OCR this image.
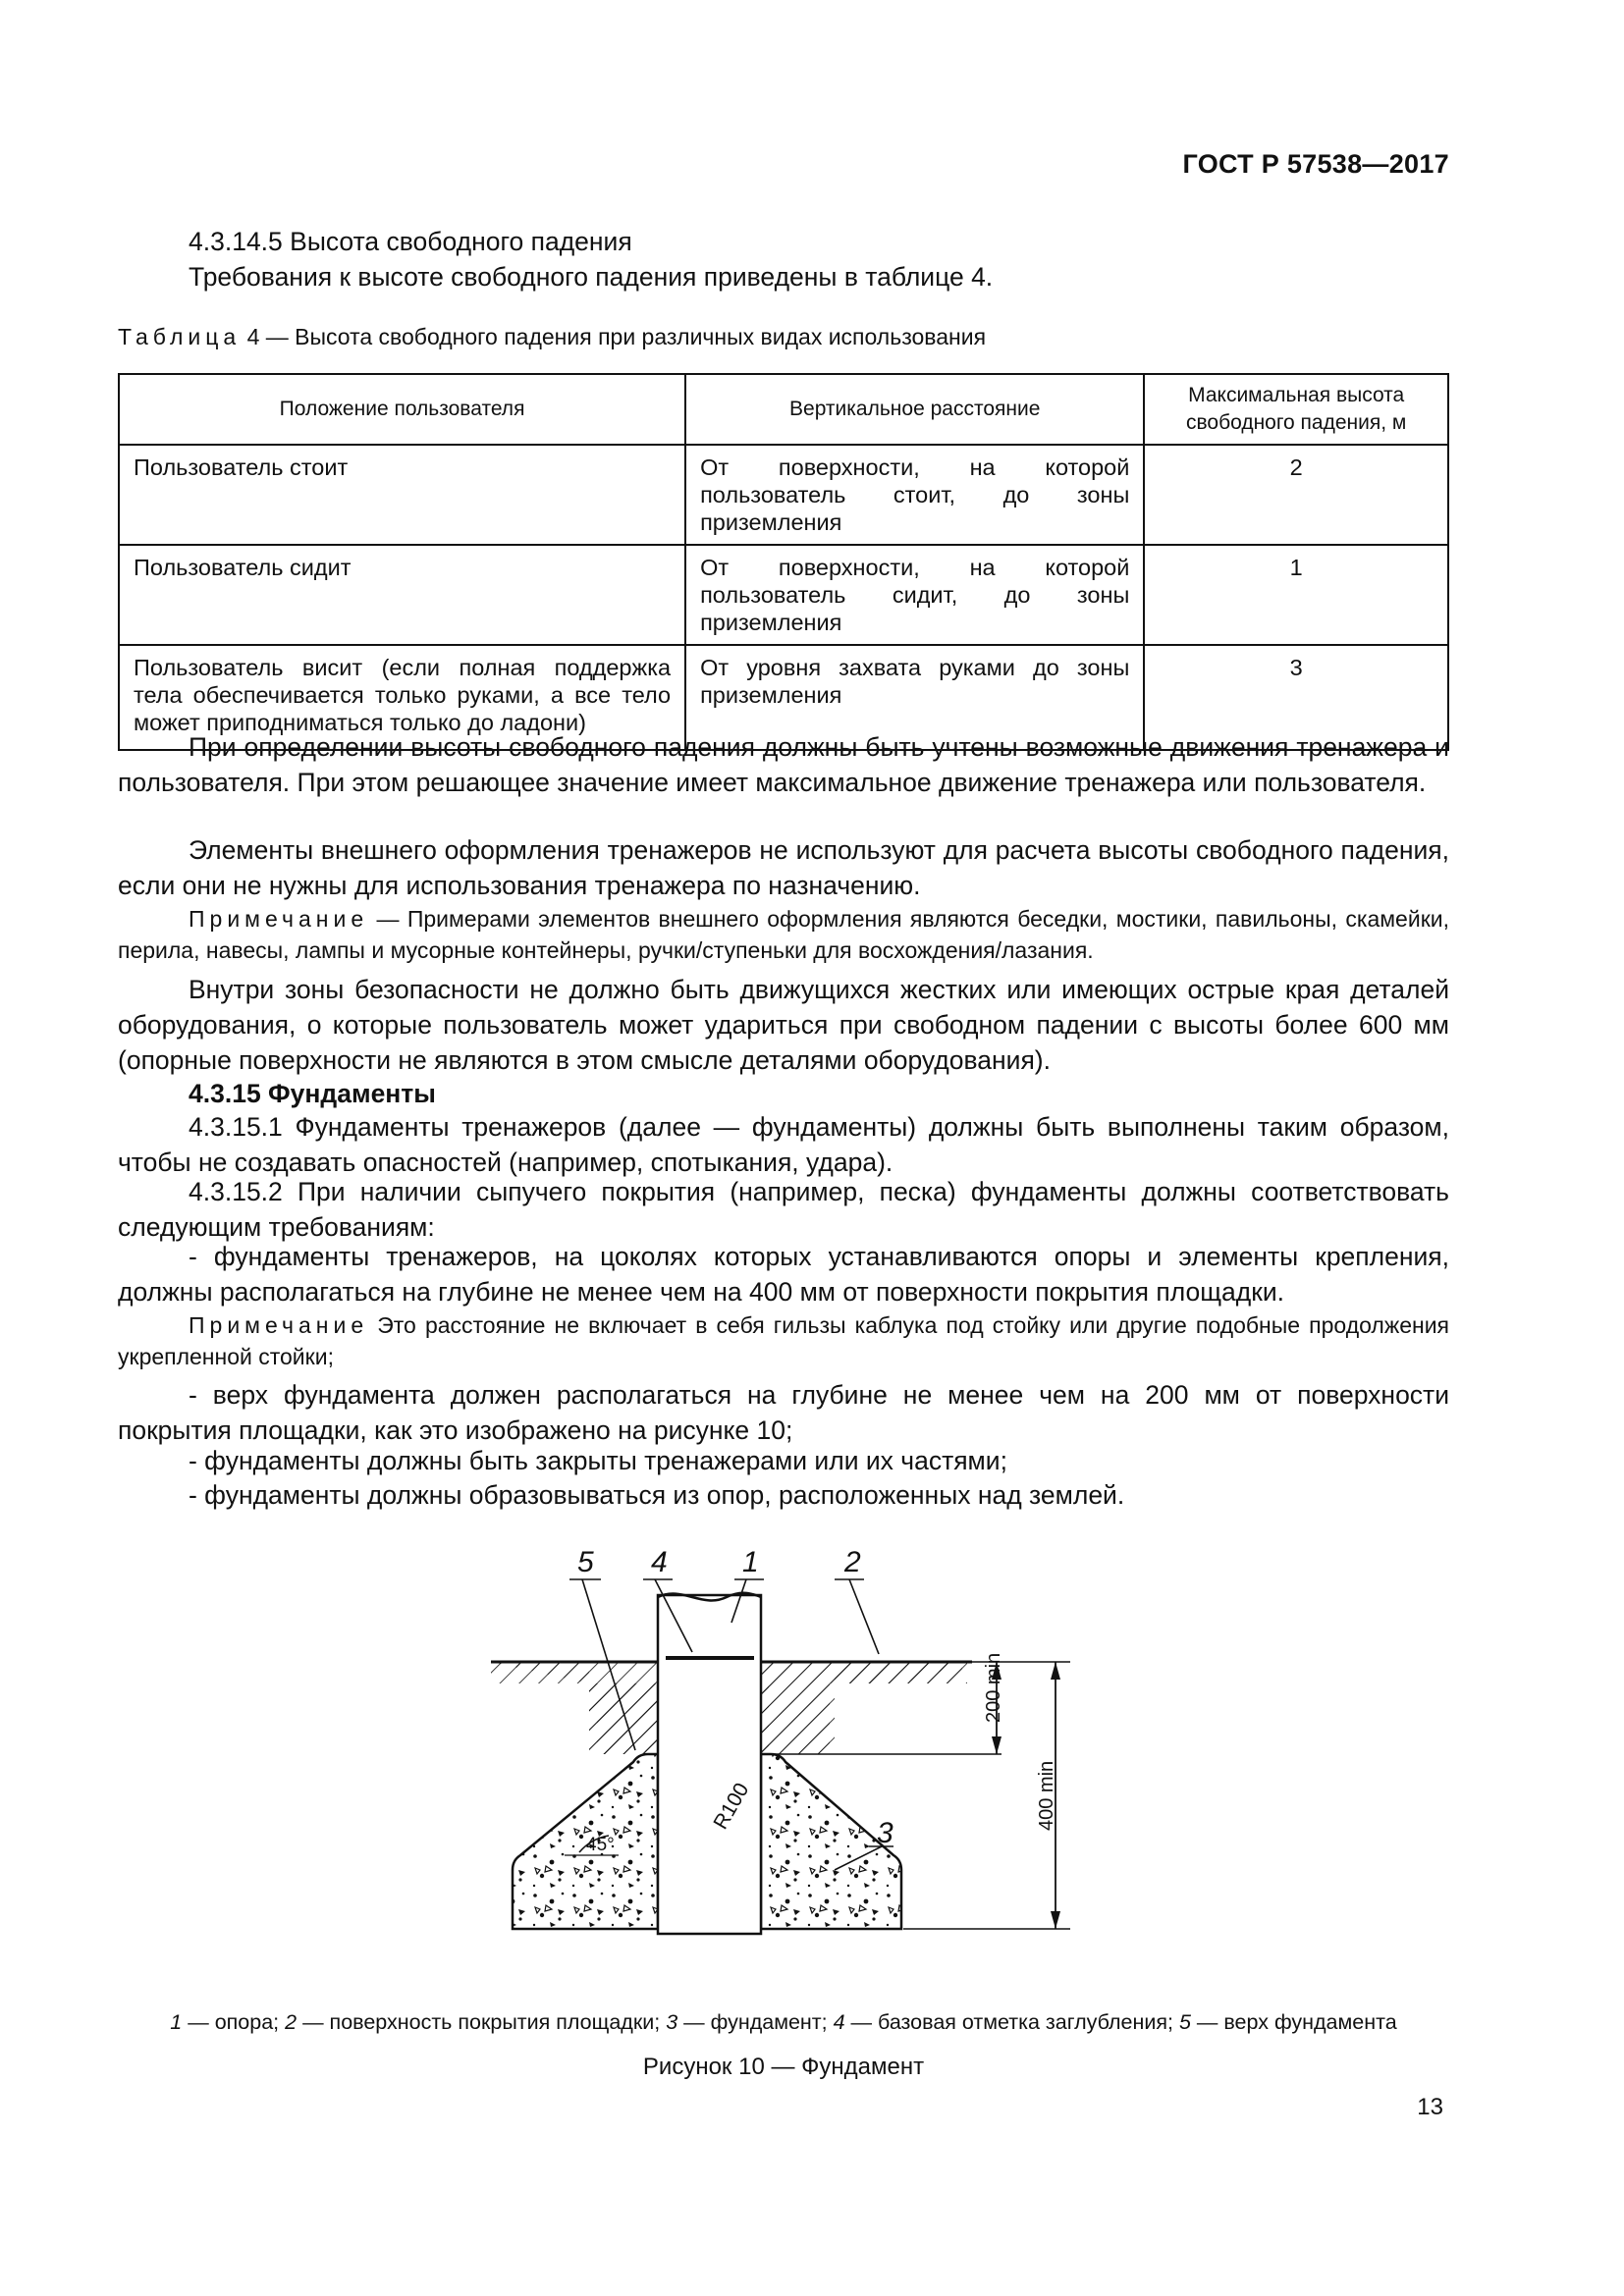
ГОСТ Р 57538—2017
4.3.14.5 Высота свободного падения
Требования к высоте свободного падения приведены в таблице 4.
Таблица 4 — Высота свободного падения при различных видах использования
Положение пользователя	Вертикальное расстояние	Максимальная высота свободного падения, м
Пользователь стоит	От поверхности, на которой пользователь стоит, до зоны приземления	2
Пользователь сидит	От поверхности, на которой пользователь сидит, до зоны приземления	1
Пользователь висит (если полная поддержка тела обеспечивается только руками, а все тело может приподниматься только до ладони)	От уровня захвата руками до зоны приземления	3
При определении высоты свободного падения должны быть учтены возможные движения тренажера и пользователя. При этом решающее значение имеет максимальное движение тренажера или пользователя.
Элементы внешнего оформления тренажеров не используют для расчета высоты свободного падения, если они не нужны для использования тренажера по назначению.
Примечание — Примерами элементов внешнего оформления являются беседки, мостики, павильоны, скамейки, перила, навесы, лампы и мусорные контейнеры, ручки/ступеньки для восхождения/лазания.
Внутри зоны безопасности не должно быть движущихся жестких или имеющих острые края деталей оборудования, о которые пользователь может удариться при свободном падении с высоты более 600 мм (опорные поверхности не являются в этом смысле деталями оборудования).
4.3.15 Фундаменты
4.3.15.1 Фундаменты тренажеров (далее — фундаменты) должны быть выполнены таким образом, чтобы не создавать опасностей (например, спотыкания, удара).
4.3.15.2 При наличии сыпучего покрытия (например, песка) фундаменты должны соответствовать следующим требованиям:
- фундаменты тренажеров, на цоколях которых устанавливаются опоры и элементы крепления, должны располагаться на глубине не менее чем на 400 мм от поверхности покрытия площадки.
Примечание Это расстояние не включает в себя гильзы каблука под стойку или другие подобные продолжения укрепленной стойки;
- верх фундамента должен располагаться на глубине не менее чем на 200 мм от поверхности покрытия площадки, как это изображено на рисунке 10;
- фундаменты должны быть закрыты тренажерами или их частями;
- фундаменты должны образовываться из опор, расположенных над землей.
5 4	1	2
3
200 min
400 min
R100
45°
1 — опора; 2 — поверхность покрытия площадки; 3 — фундамент; 4 — базовая отметка заглубления; 5 — верх фундамента
Рисунок 10 — Фундамент
13
